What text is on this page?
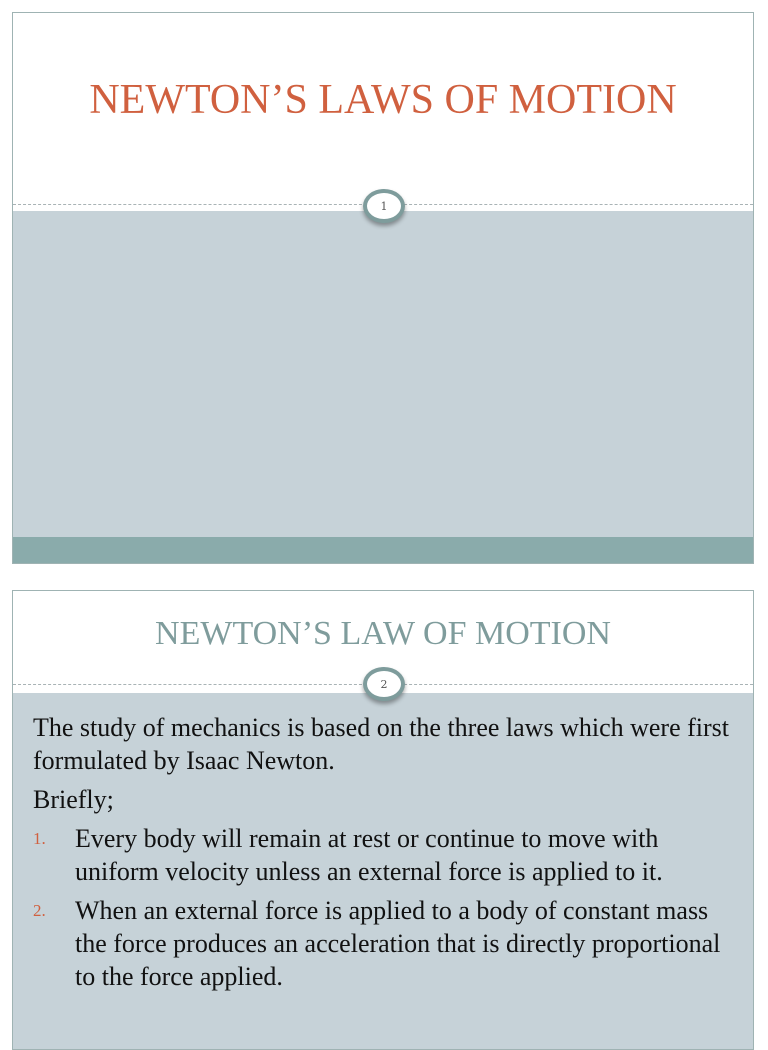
NEWTON’S LAWS OF MOTION
1
NEWTON’S LAW OF MOTION
2

The study of mechanics is based on the three laws which were first formulated by Isaac Newton.

Briefly;

1.	Every body will remain at rest or continue to move with uniform velocity unless an external force is applied to it.
2.	When an external force is applied to a body of constant mass the force produces an acceleration that is directly proportional to the force applied.
